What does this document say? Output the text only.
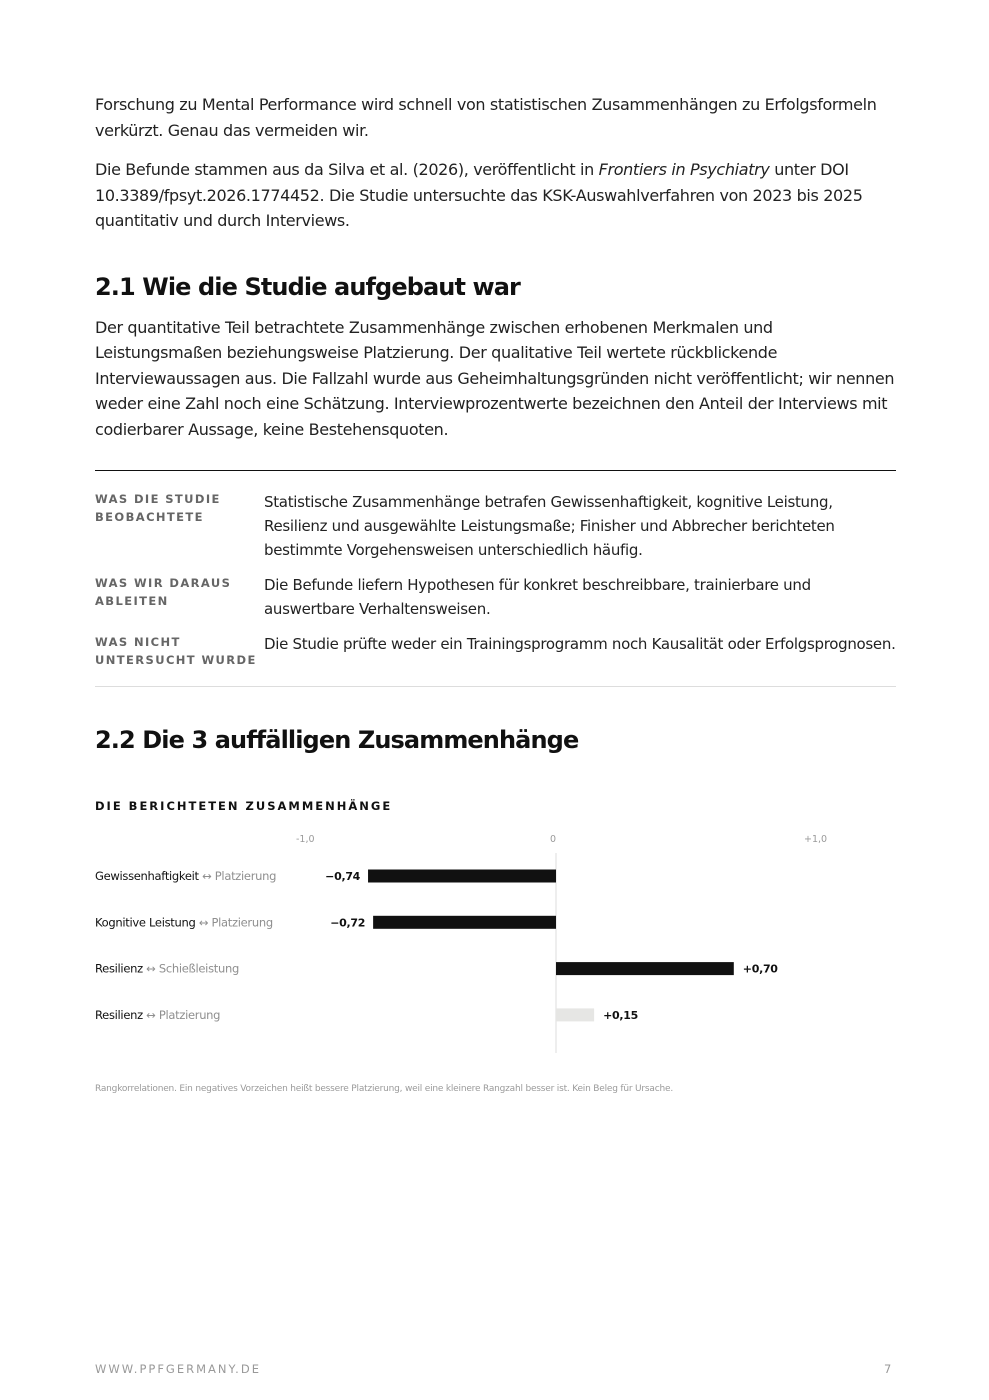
Forschung zu Mental Performance wird schnell von statistischen Zusammenhängen zu Erfolgsformeln verkürzt. Genau das vermeiden wir.

Die Befunde stammen aus da Silva et al. (2026), veröffentlicht in Frontiers in Psychiatry unter DOI 10.3389/fpsyt.2026.1774452. Die Studie untersuchte das KSK-Auswahlverfahren von 2023 bis 2025 quantitativ und durch Interviews.

2.1 Wie die Studie aufgebaut war

Der quantitative Teil betrachtete Zusammenhänge zwischen erhobenen Merkmalen und Leistungsmaßen beziehungsweise Platzierung. Der qualitative Teil wertete rückblickende Interviewaussagen aus. Die Fallzahl wurde aus Geheimhaltungsgründen nicht veröffentlicht; wir nennen weder eine Zahl noch eine Schätzung. Interviewprozentwerte bezeichnen den Anteil der Interviews mit codierbarer Aussage, keine Bestehensquoten.

WAS DIE STUDIE BEOBACHTETE	Statistische Zusammenhänge betrafen Gewissenhaftigkeit, kognitive Leistung, Resilienz und ausgewählte Leistungsmaße; Finisher und Abbrecher berichteten bestimmte Vorgehensweisen unterschiedlich häufig.
WAS WIR DARAUS ABLEITEN	Die Befunde liefern Hypothesen für konkret beschreibbare, trainierbare und auswertbare Verhaltensweisen.
WAS NICHT UNTERSUCHT WURDE	Die Studie prüfte weder ein Trainingsprogramm noch Kausalität oder Erfolgsprognosen.
2.2 Die 3 auffälligen Zusammenhänge
DIE BERICHTETEN ZUSAMMENHÄNGE
-1,0	0	+1,0
Gewissenhaftigkeit ↔ Platzierung	−0,74
Kognitive Leistung ↔ Platzierung	−0,72
Resilienz ↔ Schießleistung	+0,70
Resilienz ↔ Platzierung	+0,15
Rangkorrelationen. Ein negatives Vorzeichen heißt bessere Platzierung, weil eine kleinere Rangzahl besser ist. Kein Beleg für Ursache.
WWW.PPFGERMANY.DE	7
